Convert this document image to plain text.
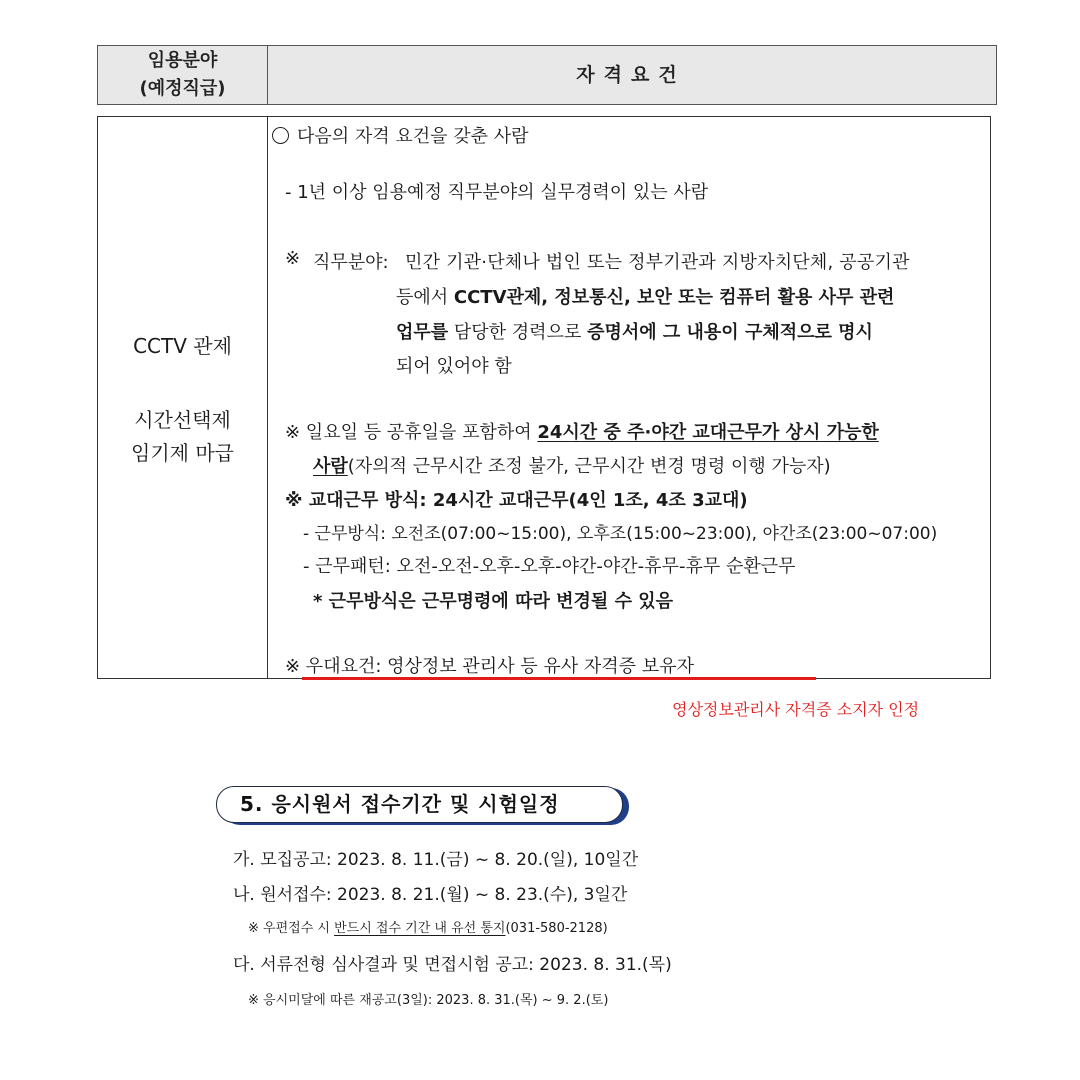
임용분야
(예정직급)
자격요건
CCTV 관제
시간선택제
임기제 마급
다음의 자격 요건을 갖춘 사람
- 1년 이상 임용예정 직무분야의 실무경력이 있는 사람
※ 직무분야: 민간 기관·단체나 법인 또는 정부기관과 지방자치단체, 공공기관
등에서 CCTV관제, 정보통신, 보안 또는 컴퓨터 활용 사무 관련
업무를 담당한 경력으로 증명서에 그 내용이 구체적으로 명시
되어 있어야 함
※ 일요일 등 공휴일을 포함하여 24시간 중 주·야간 교대근무가 상시 가능한
사람(자의적 근무시간 조정 불가, 근무시간 변경 명령 이행 가능자)
※ 교대근무 방식: 24시간 교대근무(4인 1조, 4조 3교대)
- 근무방식: 오전조(07:00~15:00), 오후조(15:00~23:00), 야간조(23:00~07:00)
- 근무패턴: 오전-오전-오후-오후-야간-야간-휴무-휴무 순환근무
* 근무방식은 근무명령에 따라 변경될 수 있음
※ 우대요건: 영상정보 관리사 등 유사 자격증 보유자
영상정보관리사 자격증 소지자 인정
5. 응시원서 접수기간 및 시험일정
가. 모집공고: 2023. 8. 11.(금) ~ 8. 20.(일), 10일간
나. 원서접수: 2023. 8. 21.(월) ~ 8. 23.(수), 3일간
※ 우편접수 시 반드시 접수 기간 내 유선 통지(031-580-2128)
다. 서류전형 심사결과 및 면접시험 공고: 2023. 8. 31.(목)
※ 응시미달에 따른 재공고(3일): 2023. 8. 31.(목) ~ 9. 2.(토)
